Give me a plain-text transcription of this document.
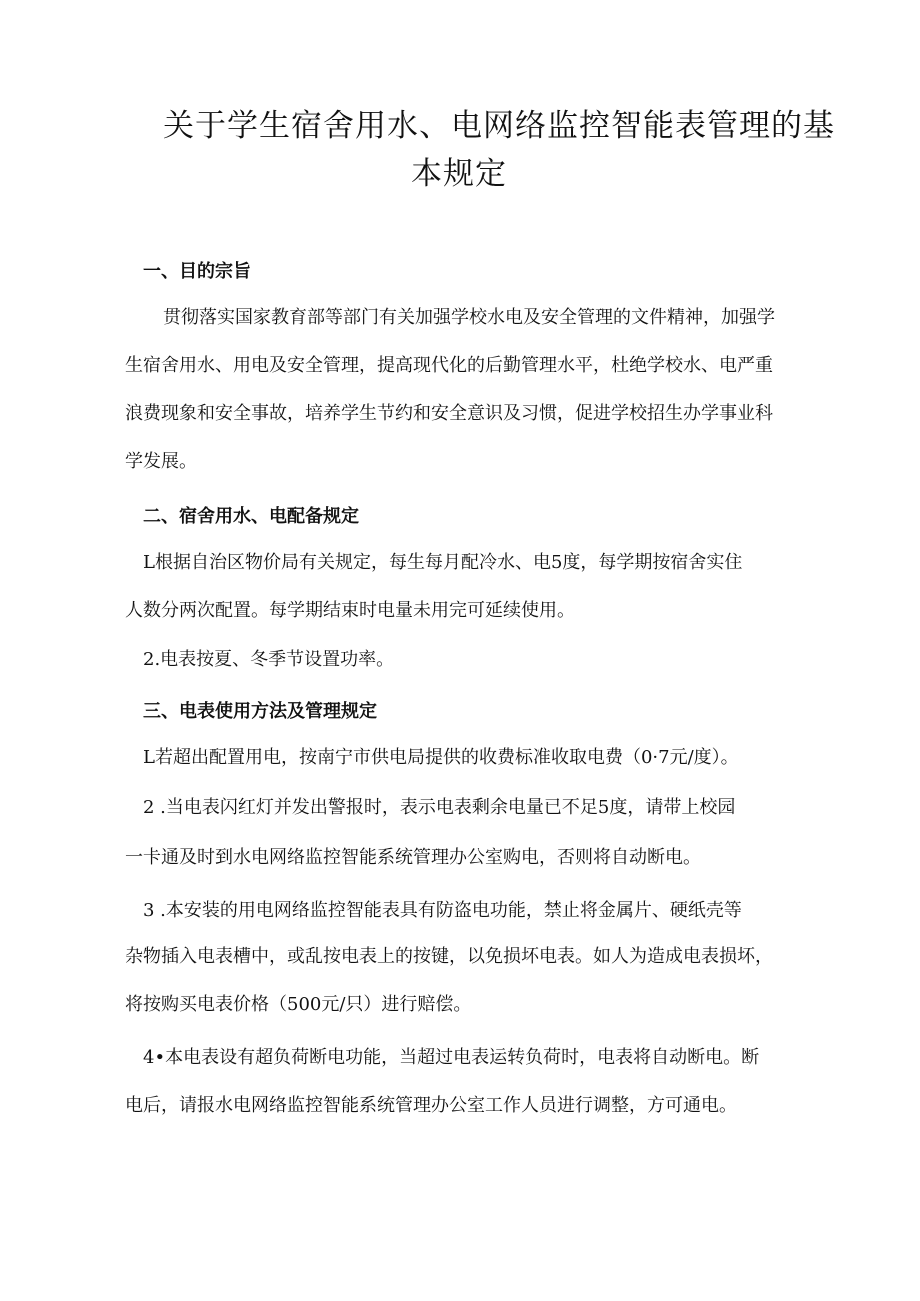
关于学生宿舍用水、电网络监控智能表管理的基
本规定
一、目的宗旨
贯彻落实国家教育部等部门有关加强学校水电及安全管理的文件精神，加强学
生宿舍用水、用电及安全管理，提高现代化的后勤管理水平，杜绝学校水、电严重
浪费现象和安全事故，培养学生节约和安全意识及习惯，促进学校招生办学事业科
学发展。
二、宿舍用水、电配备规定
L根据自治区物价局有关规定，每生每月配冷水、电5度，每学期按宿舍实住
人数分两次配置。每学期结束时电量未用完可延续使用。
2.电表按夏、冬季节设置功率。
三、电表使用方法及管理规定
L若超出配置用电，按南宁市供电局提供的收费标准收取电费（0·7元/度）。
2 .当电表闪红灯并发出警报时，表示电表剩余电量已不足5度，请带上校园
一卡通及时到水电网络监控智能系统管理办公室购电，否则将自动断电。
3 .本安装的用电网络监控智能表具有防盗电功能，禁止将金属片、硬纸壳等
杂物插入电表槽中，或乱按电表上的按键，以免损坏电表。如人为造成电表损坏，
将按购买电表价格（500元/只）进行赔偿。
4•本电表设有超负荷断电功能，当超过电表运转负荷时，电表将自动断电。断
电后，请报水电网络监控智能系统管理办公室工作人员进行调整，方可通电。
